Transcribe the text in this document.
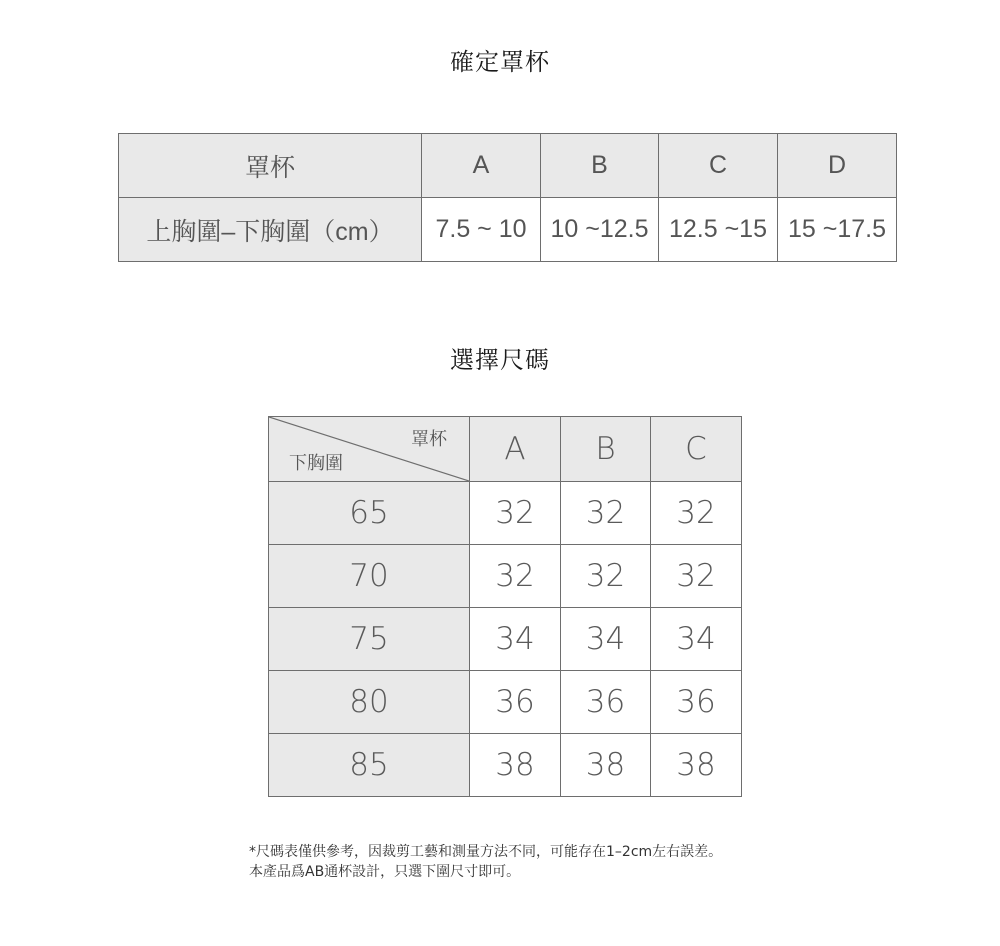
確定罩杯
罩杯	A	B	C	D
上胸圍–下胸圍（cm）	7.5 ~ 10	10 ~12.5	12.5 ~15	15 ~17.5
選擇尺碼
罩杯
下胸圍	A	B	C
65	32	32	32
70	32	32	32
75	34	34	34
80	36	36	36
85	38	38	38
*尺碼表僅供參考，因裁剪工藝和測量方法不同，可能存在1–2cm左右誤差。
本產品爲AB通杯設計，只選下圍尺寸即可。
